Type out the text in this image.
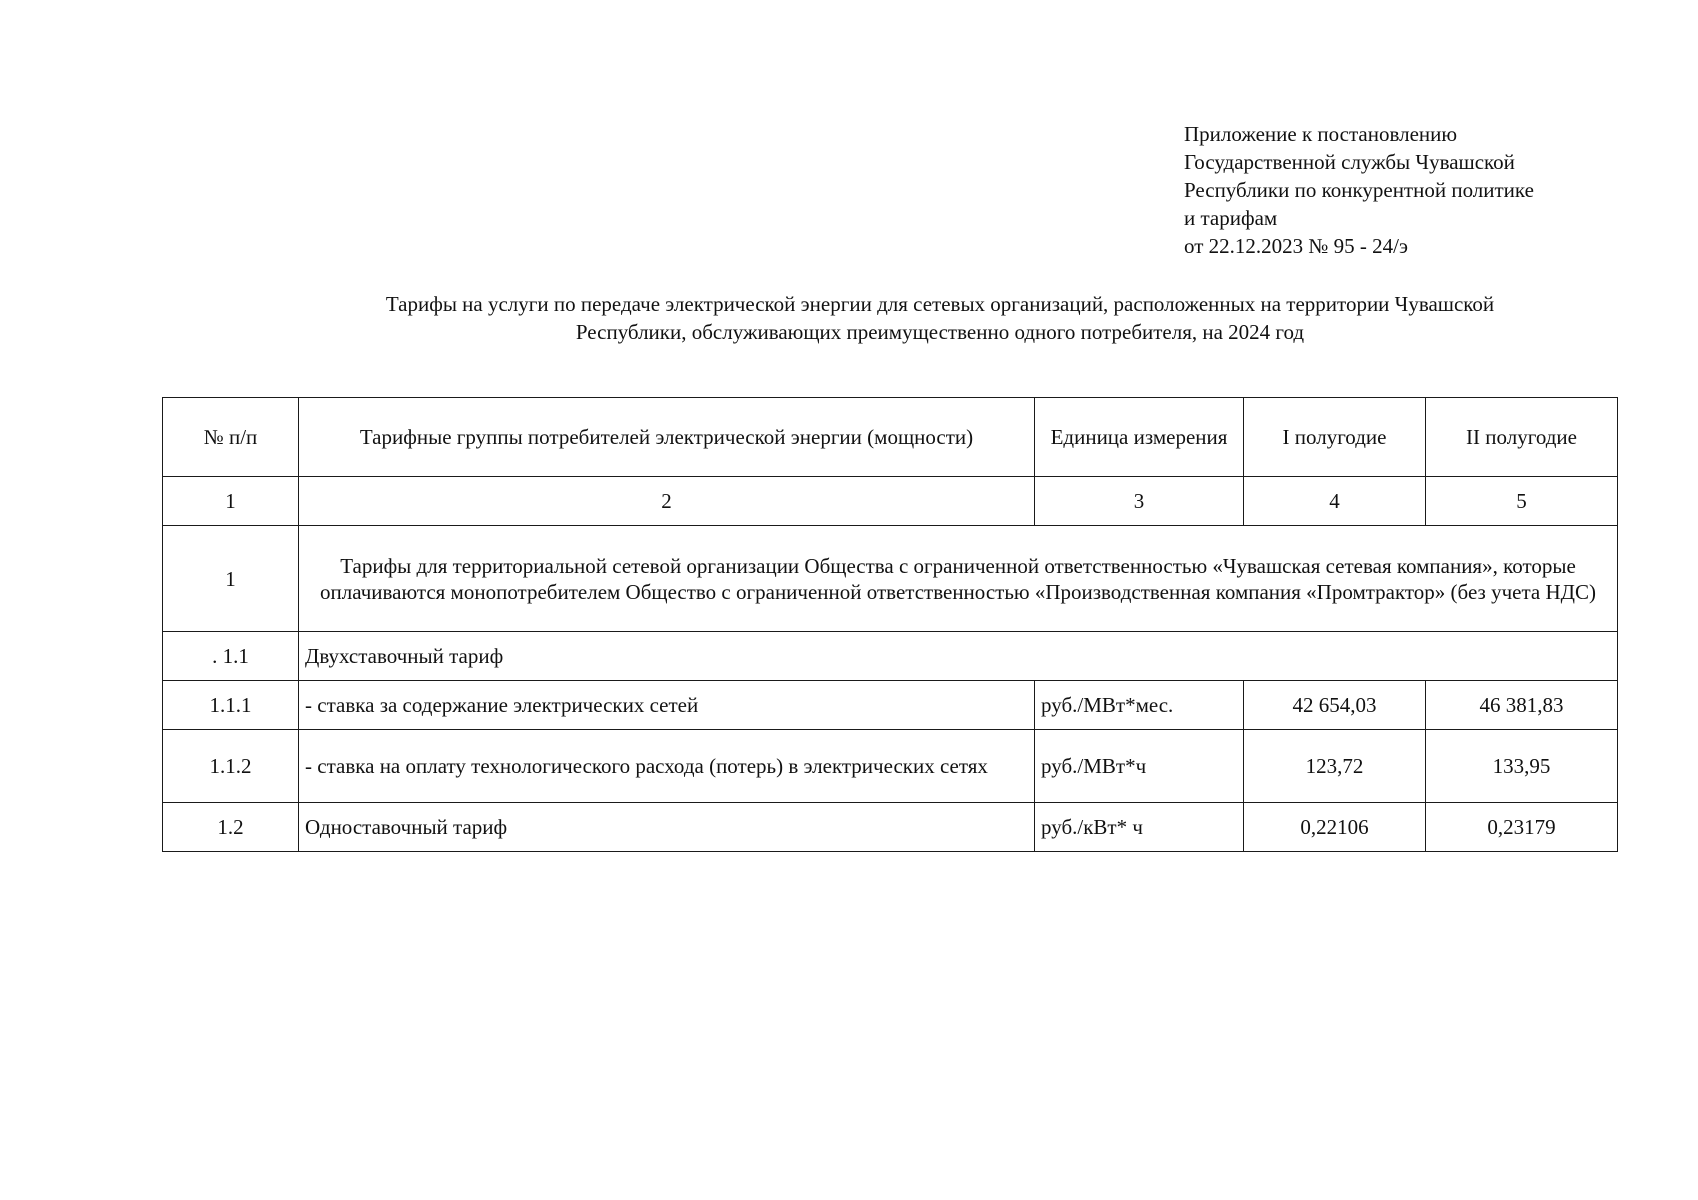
Приложение к постановлению
Государственной службы Чувашской
Республики по конкурентной политике
и тарифам
от 22.12.2023 № 95 - 24/э
Тарифы на услуги по передаче электрической энергии для сетевых организаций, расположенных на территории Чувашской
Республики, обслуживающих преимущественно одного потребителя, на 2024 год
№ п/п	Тарифные группы потребителей электрической энергии (мощности)	Единица измерения	I полугодие	II полугодие
1	2	3	4	5
1	Тарифы для территориальной сетевой организации Общества с ограниченной ответственностью «Чувашская сетевая компания», которые оплачиваются монопотребителем Общество с ограниченной ответственностью «Производственная компания «Промтрактор» (без учета НДС)			
. 1.1	Двухставочный тариф			
1.1.1	- ставка за содержание электрических сетей	руб./МВт*мес.	42 654,03	46 381,83
1.1.2	- ставка на оплату технологического расхода (потерь) в электрических сетях	руб./МВт*ч	123,72	133,95
1.2	Одноставочный тариф	руб./кВт* ч	0,22106	0,23179
